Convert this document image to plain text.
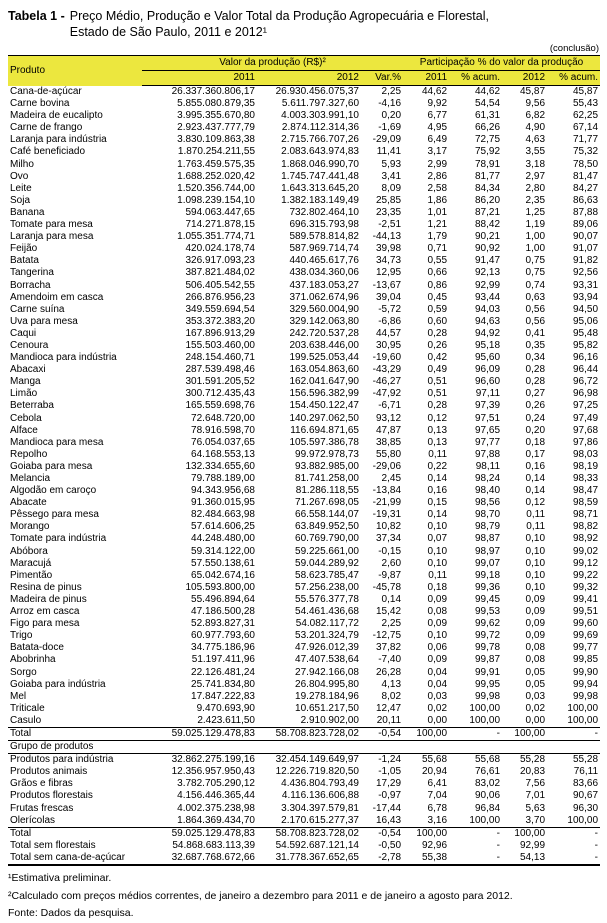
Tabela 1 - Preço Médio, Produção e Valor Total da Produção Agropecuária e Florestal,
Estado de São Paulo, 2011 e 2012¹
(conclusão)
Produto	Valor da produção (R$)²			Participação % do valor da produção			
	2011	2012	Var.%	2011	% acum.	2012	% acum.
Cana-de-açúcar	26.337.360.806,17	26.930.456.075,37	2,25	44,62	44,62	45,87	45,87
Carne bovina	5.855.080.879,35	5.611.797.327,60	-4,16	9,92	54,54	9,56	55,43
Madeira de eucalipto	3.995.355.670,80	4.003.303.991,10	0,20	6,77	61,31	6,82	62,25
Carne de frango	2.923.437.777,79	2.874.112.314,36	-1,69	4,95	66,26	4,90	67,14
Laranja para indústria	3.830.109.863,38	2.715.766.707,26	-29,09	6,49	72,75	4,63	71,77
Café beneficiado	1.870.254.211,55	2.083.643.974,83	11,41	3,17	75,92	3,55	75,32
Milho	1.763.459.575,35	1.868.046.990,70	5,93	2,99	78,91	3,18	78,50
Ovo	1.688.252.020,42	1.745.747.441,48	3,41	2,86	81,77	2,97	81,47
Leite	1.520.356.744,00	1.643.313.645,20	8,09	2,58	84,34	2,80	84,27
Soja	1.098.239.154,10	1.382.183.149,49	25,85	1,86	86,20	2,35	86,63
Banana	594.063.447,65	732.802.464,10	23,35	1,01	87,21	1,25	87,88
Tomate para mesa	714.271.878,15	696.315.793,98	-2,51	1,21	88,42	1,19	89,06
Laranja para mesa	1.055.351.774,71	589.578.814,82	-44,13	1,79	90,21	1,00	90,07
Feijão	420.024.178,74	587.969.714,74	39,98	0,71	90,92	1,00	91,07
Batata	326.917.093,23	440.465.617,76	34,73	0,55	91,47	0,75	91,82
Tangerina	387.821.484,02	438.034.360,06	12,95	0,66	92,13	0,75	92,56
Borracha	506.405.542,55	437.183.053,27	-13,67	0,86	92,99	0,74	93,31
Amendoim em casca	266.876.956,23	371.062.674,96	39,04	0,45	93,44	0,63	93,94
Carne suína	349.559.694,54	329.560.004,90	-5,72	0,59	94,03	0,56	94,50
Uva para mesa	353.372.383,20	329.142.063,80	-6,86	0,60	94,63	0,56	95,06
Caqui	167.896.913,29	242.720.537,28	44,57	0,28	94,92	0,41	95,48
Cenoura	155.503.460,00	203.638.446,00	30,95	0,26	95,18	0,35	95,82
Mandioca para indústria	248.154.460,71	199.525.053,44	-19,60	0,42	95,60	0,34	96,16
Abacaxi	287.539.498,46	163.054.863,60	-43,29	0,49	96,09	0,28	96,44
Manga	301.591.205,52	162.041.647,90	-46,27	0,51	96,60	0,28	96,72
Limão	300.712.435,43	156.596.382,99	-47,92	0,51	97,11	0,27	96,98
Beterraba	165.559.698,76	154.450.122,47	-6,71	0,28	97,39	0,26	97,25
Cebola	72.648.720,00	140.297.062,50	93,12	0,12	97,51	0,24	97,49
Alface	78.916.598,70	116.694.871,65	47,87	0,13	97,65	0,20	97,68
Mandioca para mesa	76.054.037,65	105.597.386,78	38,85	0,13	97,77	0,18	97,86
Repolho	64.168.553,13	99.972.978,73	55,80	0,11	97,88	0,17	98,03
Goiaba para mesa	132.334.655,60	93.882.985,00	-29,06	0,22	98,11	0,16	98,19
Melancia	79.788.189,00	81.741.258,00	2,45	0,14	98,24	0,14	98,33
Algodão em caroço	94.343.956,68	81.286.118,55	-13,84	0,16	98,40	0,14	98,47
Abacate	91.360.015,95	71.267.698,05	-21,99	0,15	98,56	0,12	98,59
Pêssego para mesa	82.484.663,98	66.558.144,07	-19,31	0,14	98,70	0,11	98,71
Morango	57.614.606,25	63.849.952,50	10,82	0,10	98,79	0,11	98,82
Tomate para indústria	44.248.480,00	60.769.790,00	37,34	0,07	98,87	0,10	98,92
Abóbora	59.314.122,00	59.225.661,00	-0,15	0,10	98,97	0,10	99,02
Maracujá	57.550.138,61	59.044.289,92	2,60	0,10	99,07	0,10	99,12
Pimentão	65.042.674,16	58.623.785,47	-9,87	0,11	99,18	0,10	99,22
Resina de pinus	105.593.800,00	57.256.238,00	-45,78	0,18	99,36	0,10	99,32
Madeira de pinus	55.496.894,64	55.576.377,78	0,14	0,09	99,45	0,09	99,41
Arroz em casca	47.186.500,28	54.461.436,68	15,42	0,08	99,53	0,09	99,51
Figo para mesa	52.893.827,31	54.082.117,72	2,25	0,09	99,62	0,09	99,60
Trigo	60.977.793,60	53.201.324,79	-12,75	0,10	99,72	0,09	99,69
Batata-doce	34.775.186,96	47.926.012,39	37,82	0,06	99,78	0,08	99,77
Abobrinha	51.197.411,96	47.407.538,64	-7,40	0,09	99,87	0,08	99,85
Sorgo	22.126.481,24	27.942.166,08	26,28	0,04	99,91	0,05	99,90
Goiaba para indústria	25.741.834,80	26.804.995,80	4,13	0,04	99,95	0,05	99,94
Mel	17.847.222,83	19.278.184,96	8,02	0,03	99,98	0,03	99,98
Triticale	9.470.693,90	10.651.217,50	12,47	0,02	100,00	0,02	100,00
Casulo	2.423.611,50	2.910.902,00	20,11	0,00	100,00	0,00	100,00
Total	59.025.129.478,83	58.708.823.728,02	-0,54	100,00	-	100,00	-
Grupo de produtos							
Produtos para indústria	32.862.275.199,16	32.454.149.649,97	-1,24	55,68	55,68	55,28	55,28
Produtos animais	12.356.957.950,43	12.226.719.820,50	-1,05	20,94	76,61	20,83	76,11
Grãos e fibras	3.782.705.290,12	4.436.804.793,49	17,29	6,41	83,02	7,56	83,66
Produtos florestais	4.156.446.365,44	4.116.136.606,88	-0,97	7,04	90,06	7,01	90,67
Frutas frescas	4.002.375.238,98	3.304.397.579,81	-17,44	6,78	96,84	5,63	96,30
Olerícolas	1.864.369.434,70	2.170.615.277,37	16,43	3,16	100,00	3,70	100,00
Total	59.025.129.478,83	58.708.823.728,02	-0,54	100,00	-	100,00	-
Total sem florestais	54.868.683.113,39	54.592.687.121,14	-0,50	92,96	-	92,99	-
Total sem cana-de-açúcar	32.687.768.672,66	31.778.367.652,65	-2,78	55,38	-	54,13	-
¹Estimativa preliminar.
²Calculado com preços médios correntes, de janeiro a dezembro para 2011 e de janeiro a agosto para 2012.
Fonte: Dados da pesquisa.
